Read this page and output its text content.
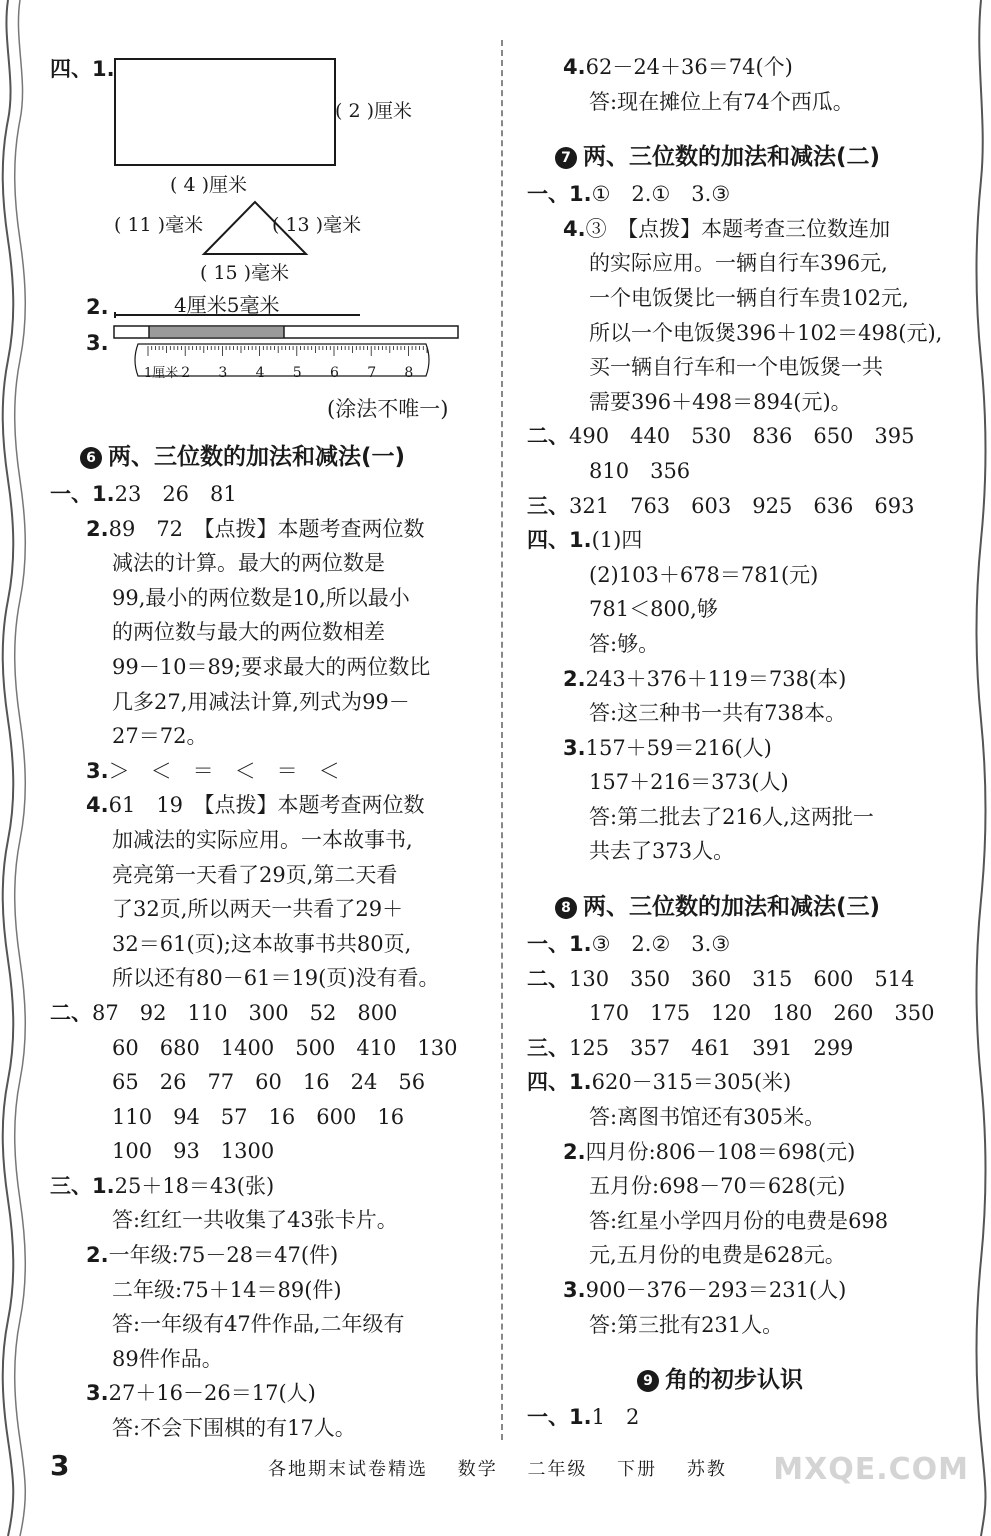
四、1.
( 2 )厘米
( 4 )厘米
( 11 )毫米	( 13 )毫米
( 15 )毫米
2.	4厘米5毫米
3.
1厘米 2 3 4 5 6 7 8
(涂法不唯一)
6 两、三位数的加法和减法(一)
一、1.23　26　81
2.89　72　【点拨】本题考查两位数
减法的计算。最大的两位数是
99,最小的两位数是10,所以最小
的两位数与最大的两位数相差
99－10＝89;要求最大的两位数比
几多27,用减法计算,列式为99－
27＝72。
3.＞　＜　＝　＜　＝　＜
4.61　19　【点拨】本题考查两位数
加减法的实际应用。一本故事书,
亮亮第一天看了29页,第二天看
了32页,所以两天一共看了29＋
32＝61(页);这本故事书共80页,
所以还有80－61＝19(页)没有看。
二、87　92　110　300　52　800
60　680　1400　500　410　130
65　26　77　60　16　24　56
110　94　57　16　600　16
100　93　1300
三、1.25＋18＝43(张)
答:红红一共收集了43张卡片。
2.一年级:75－28＝47(件)
二年级:75＋14＝89(件)
答:一年级有47件作品,二年级有
89件作品。
3.27＋16－26＝17(人)
答:不会下围棋的有17人。
4.62－24＋36＝74(个)
答:现在摊位上有74个西瓜。
7 两、三位数的加法和减法(二)
一、1.①　2.①　3.③
4.③　【点拨】本题考查三位数连加
的实际应用。一辆自行车396元,
一个电饭煲比一辆自行车贵102元,
所以一个电饭煲396＋102＝498(元),
买一辆自行车和一个电饭煲一共
需要396＋498＝894(元)。
二、490　440　530　836　650　395
810　356
三、321　763　603　925　636　693
四、1.(1)四
(2)103＋678＝781(元)
781＜800,够
答:够。
2.243＋376＋119＝738(本)
答:这三种书一共有738本。
3.157＋59＝216(人)
157＋216＝373(人)
答:第二批去了216人,这两批一
共去了373人。
8 两、三位数的加法和减法(三)
一、1.③　2.②　3.③
二、130　350　360　315　600　514
170　175　120　180　260　350
三、125　357　461　391　299
四、1.620－315＝305(米)
答:离图书馆还有305米。
2.四月份:806－108＝698(元)
五月份:698－70＝628(元)
答:红星小学四月份的电费是698
元,五月份的电费是628元。
3.900－376－293＝231(人)
答:第三批有231人。
9 角的初步认识
一、1.1　2
3	各地期末试卷精选 数学 二年级 下册 苏教 MXQE.COM
